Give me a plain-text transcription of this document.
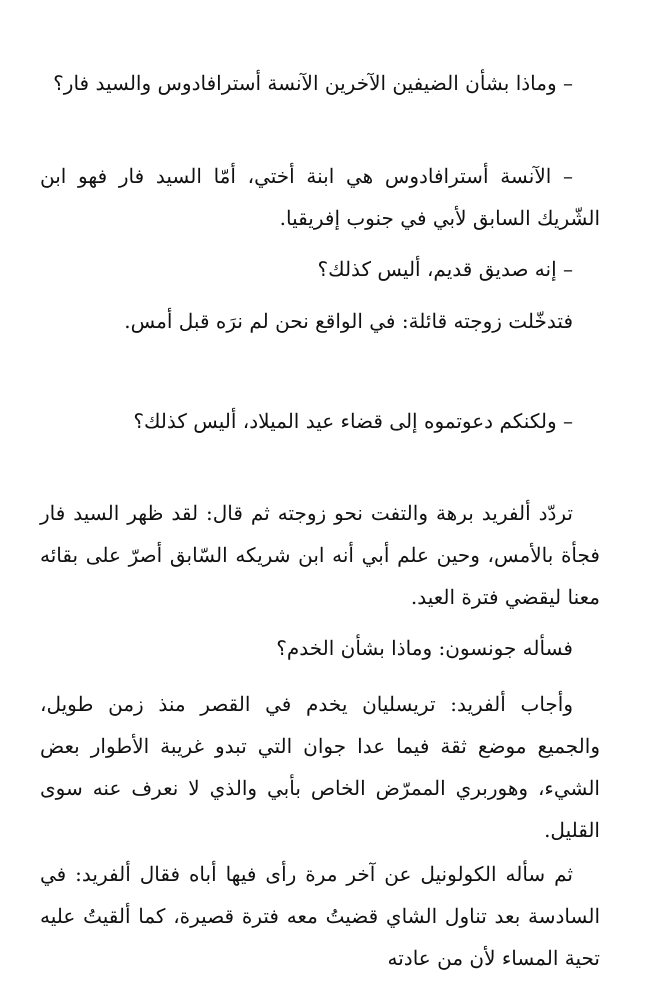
– وماذا بشأن الضيفين الآخرين الآنسة أسترافادوس والسيد فار؟

– الآنسة أسترافادوس هي ابنة أختي، أمّا السيد فار فهو ابن الشّريك السابق لأبي في جنوب إفريقيا.

– إنه صديق قديم، أليس كذلك؟

فتدخّلت زوجته قائلة: في الواقع نحن لم نرَه قبل أمس.

– ولكنكم دعوتموه إلى قضاء عيد الميلاد، أليس كذلك؟

تردّد ألفريد برهة والتفت نحو زوجته ثم قال: لقد ظهر السيد فار فجأة بالأمس، وحين علم أبي أنه ابن شريكه السّابق أصرّ على بقائه معنا ليقضي فترة العيد.

فسأله جونسون: وماذا بشأن الخدم؟

وأجاب ألفريد: تريسليان يخدم في القصر منذ زمن طويل، والجميع موضع ثقة فيما عدا جوان التي تبدو غريبة الأطوار بعض الشيء، وهوربري الممرّض الخاص بأبي والذي لا نعرف عنه سوى القليل.

ثم سأله الكولونيل عن آخر مرة رأى فيها أباه فقال ألفريد: في السادسة بعد تناول الشاي قضيتُ معه فترة قصيرة، كما ألقيتُ عليه تحية المساء لأن من عادته
